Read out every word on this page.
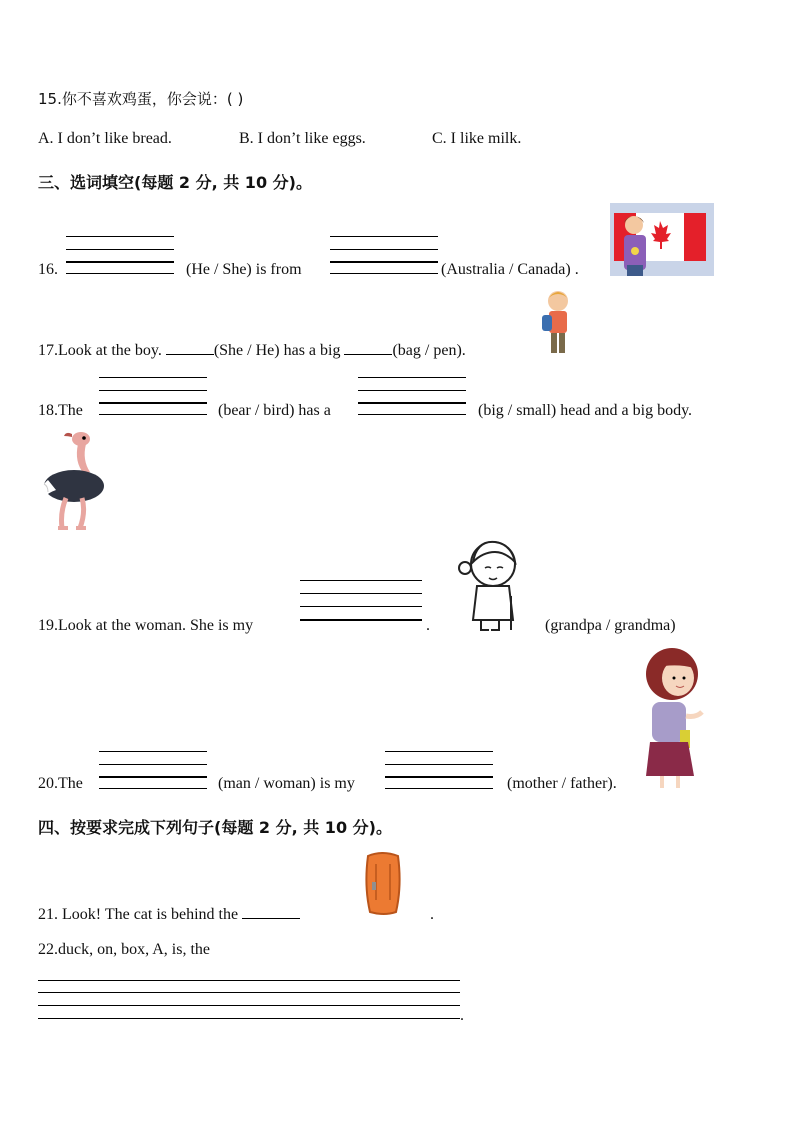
15.你不喜欢鸡蛋，你会说：( )
A. I don’t like bread.	B. I don’t like eggs.	C. I like milk.
三、选词填空(每题 2 分, 共 10 分)。
16.	(He / She) is from	(Australia / Canada) .
17.Look at the boy.	(She / He) has a big	(bag / pen).
18.The	(bear / bird) has a	(big / small) head and a big body.
19.Look at the woman. She is my	.	(grandpa / grandma)
20.The	(man / woman) is my	(mother / father).
四、按要求完成下列句子(每题 2 分, 共 10 分)。
21. Look! The cat is behind the	.
22.duck, on, box, A, is, the
.
